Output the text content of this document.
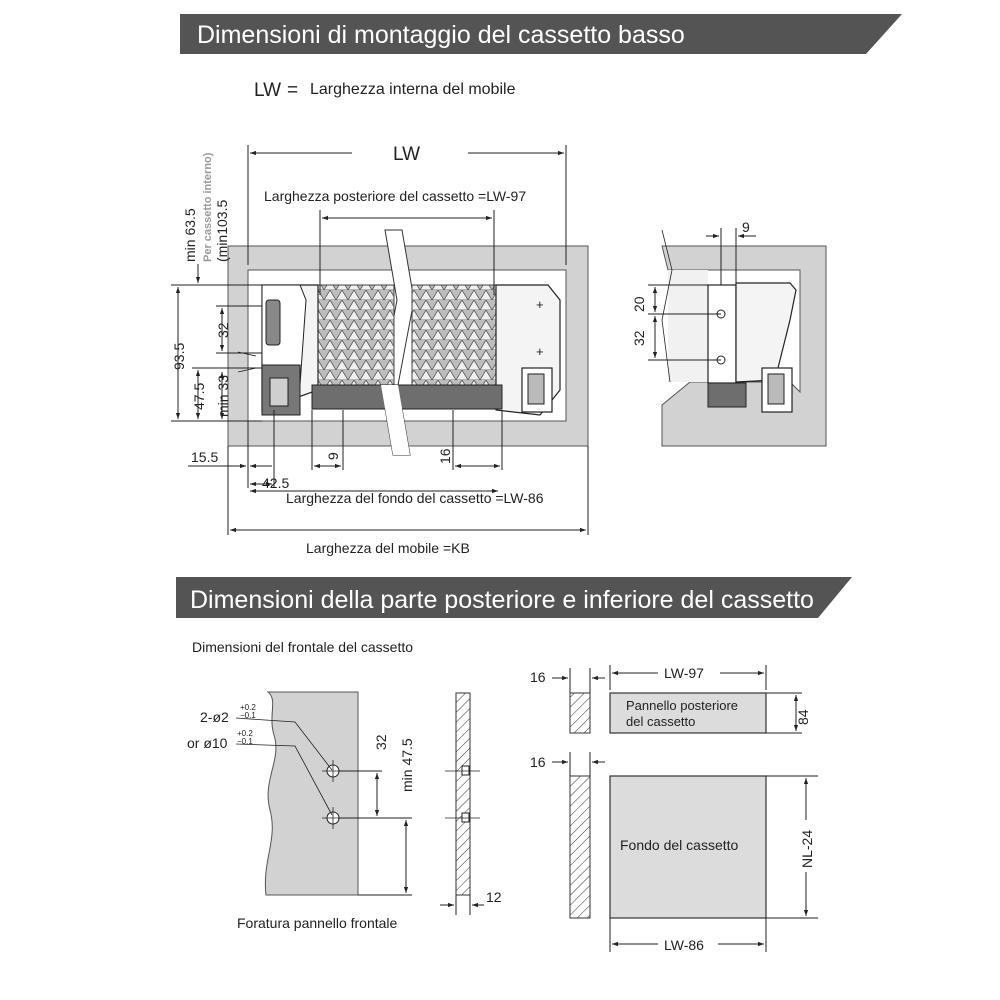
Dimensioni di montaggio del cassetto basso
LW = Larghezza interna del mobile
Per cassetto interno)
min 63.5
+
+
LW
Larghezza posteriore del cassetto =LW-97
93.5
(min103.5
47.5
32
min 33
15.5	9	16
42.5
Larghezza del fondo del cassetto =LW-86
Larghezza del mobile =KB
9
20
32
Dimensioni della parte posteriore e inferiore del cassetto
Dimensioni del frontale del cassetto
2-ø2
+0.2
−0.1
or ø10
+0.2
−0.1	32 min 47.5
12
Foratura pannello frontale
16
Pannello posteriore
del cassetto
LW-97
84
16
Fondo del cassetto	NL-24
LW-86
